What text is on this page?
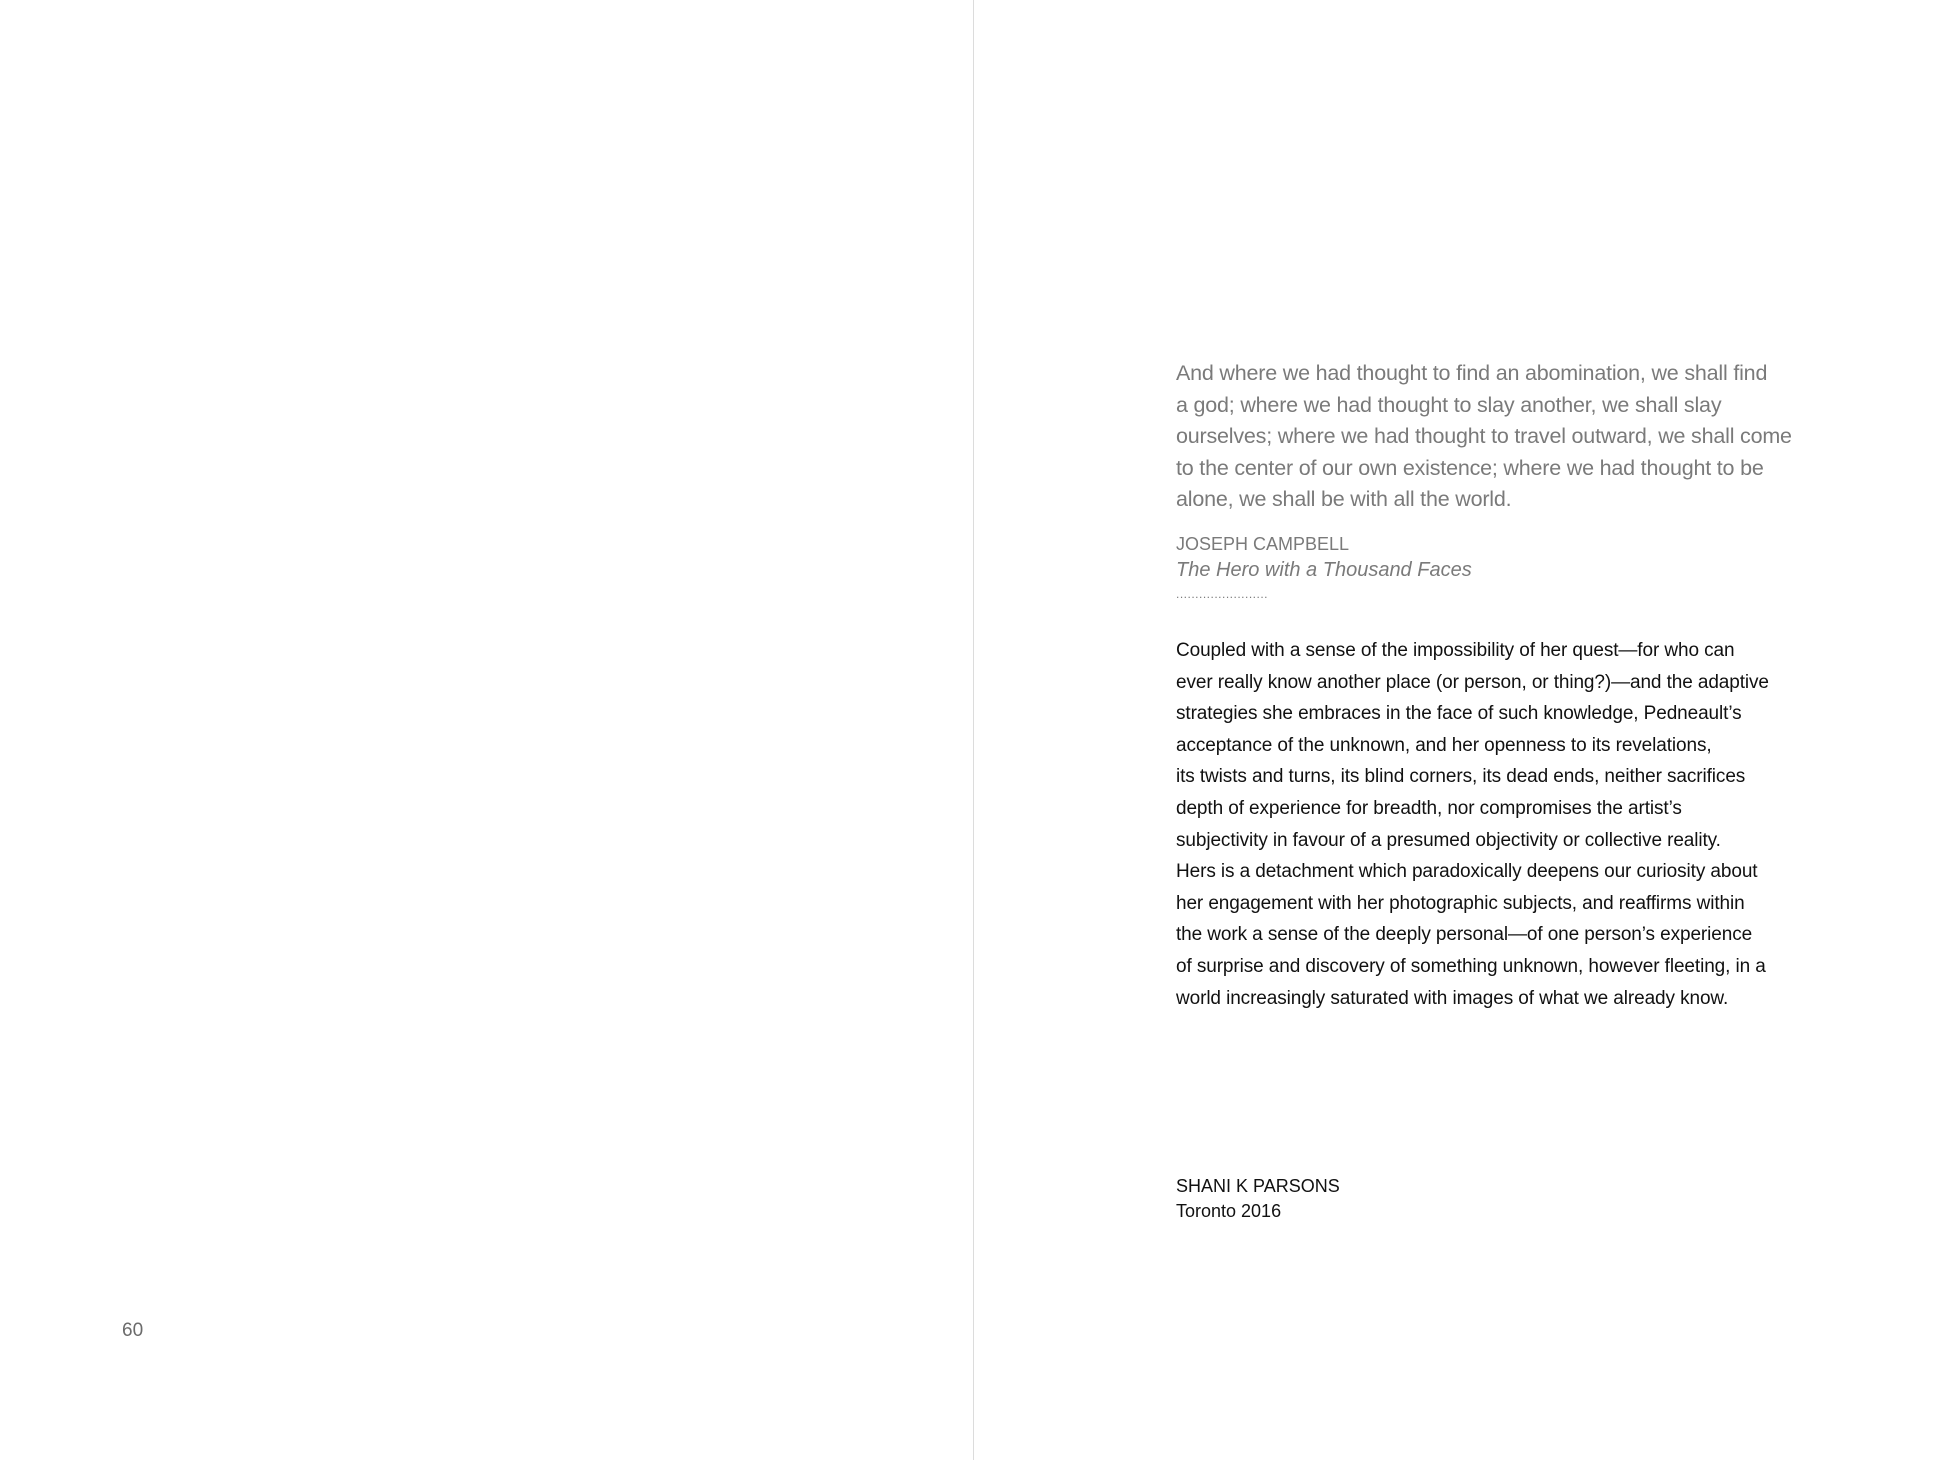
60

And where we had thought to find an abomination, we shall find
a god; where we had thought to slay another, we shall slay
ourselves; where we had thought to travel outward, we shall come
to the center of our own existence; where we had thought to be
alone, we shall be with all the world.

JOSEPH CAMPBELL
The Hero with a Thousand Faces
........................

Coupled with a sense of the impossibility of her quest—for who can
ever really know another place (or person, or thing?)—and the adaptive
strategies she embraces in the face of such knowledge, Pedneault’s
acceptance of the unknown, and her openness to its revelations,
its twists and turns, its blind corners, its dead ends, neither sacrifices
depth of experience for breadth, nor compromises the artist’s
subjectivity in favour of a presumed objectivity or collective reality.
Hers is a detachment which paradoxically deepens our curiosity about
her engagement with her photographic subjects, and reaffirms within
the work a sense of the deeply personal—of one person’s experience
of surprise and discovery of something unknown, however fleeting, in a
world increasingly saturated with images of what we already know.

SHANI K PARSONS
Toronto 2016
